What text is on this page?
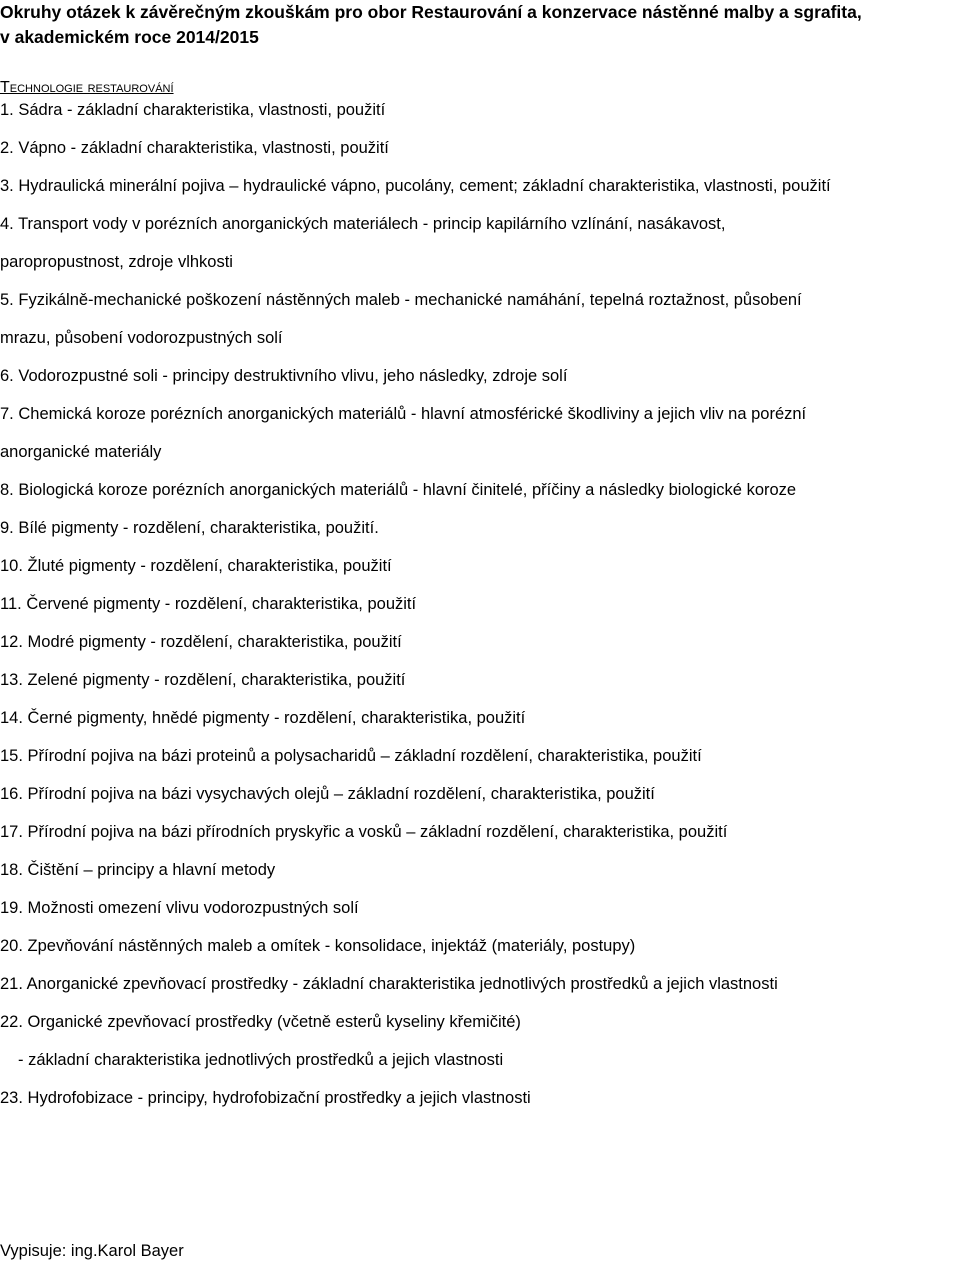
Okruhy otázek k závěrečným zkouškám pro obor Restaurování a konzervace nástěnné malby a sgrafita,
v akademickém roce 2014/2015
Technologie restaurování
1. Sádra - základní charakteristika, vlastnosti, použití
2. Vápno - základní charakteristika, vlastnosti, použití
3. Hydraulická minerální pojiva – hydraulické vápno, pucolány, cement; základní charakteristika, vlastnosti, použití
4. Transport vody v porézních anorganických materiálech - princip kapilárního vzlínání, nasákavost,
paropropustnost, zdroje vlhkosti
5. Fyzikálně-mechanické poškození nástěnných maleb - mechanické namáhání, tepelná roztažnost, působení
mrazu, působení vodorozpustných solí
6. Vodorozpustné soli - principy destruktivního vlivu, jeho následky, zdroje solí
7. Chemická koroze porézních anorganických materiálů - hlavní atmosférické škodliviny a jejich vliv na porézní
anorganické materiály
8. Biologická koroze porézních anorganických materiálů - hlavní činitelé, příčiny a následky biologické koroze
9. Bílé pigmenty - rozdělení, charakteristika, použití.
10. Žluté pigmenty - rozdělení, charakteristika, použití
11. Červené pigmenty - rozdělení, charakteristika, použití
12. Modré pigmenty - rozdělení, charakteristika, použití
13. Zelené pigmenty - rozdělení, charakteristika, použití
14. Černé pigmenty, hnědé pigmenty - rozdělení, charakteristika, použití
15. Přírodní pojiva na bázi proteinů a polysacharidů – základní rozdělení, charakteristika, použití
16. Přírodní pojiva na bázi vysychavých olejů – základní rozdělení, charakteristika, použití
17. Přírodní pojiva na bázi přírodních pryskyřic a vosků – základní rozdělení, charakteristika, použití
18. Čištění – principy a hlavní metody
19. Možnosti omezení vlivu vodorozpustných solí
20. Zpevňování nástěnných maleb a omítek - konsolidace, injektáž (materiály, postupy)
21. Anorganické zpevňovací prostředky - základní charakteristika jednotlivých prostředků a jejich vlastnosti
22. Organické zpevňovací prostředky (včetně esterů kyseliny křemičité)
- základní charakteristika jednotlivých prostředků a jejich vlastnosti
23. Hydrofobizace - principy, hydrofobizační prostředky a jejich vlastnosti
Vypisuje: ing.Karol Bayer
